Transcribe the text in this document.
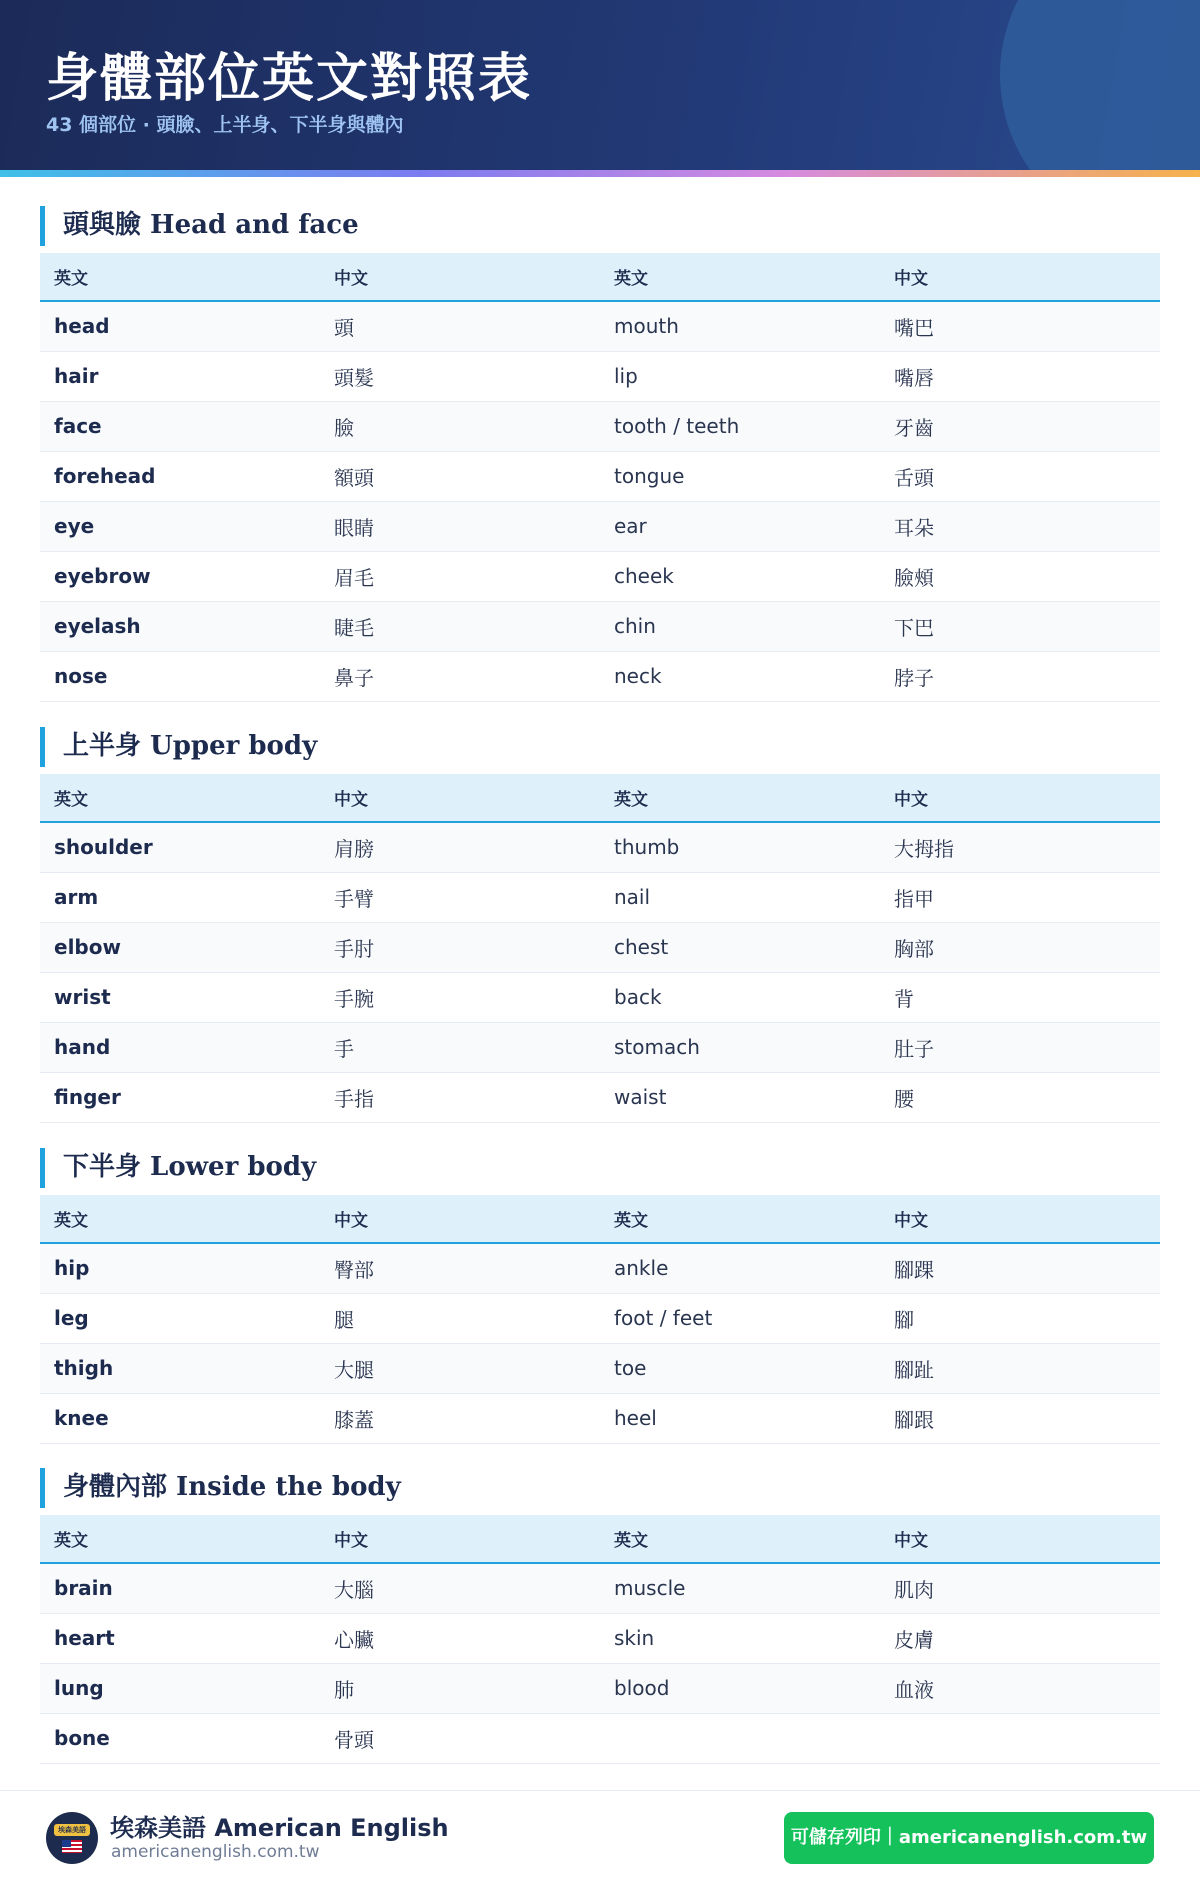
身體部位英文對照表
43 個部位 · 頭臉、上半身、下半身與體內
頭與臉 Head and face
英文	中文	英文	中文
head	頭	mouth	嘴巴
hair	頭髮	lip	嘴唇
face	臉	tooth / teeth	牙齒
forehead	額頭	tongue	舌頭
eye	眼睛	ear	耳朵
eyebrow	眉毛	cheek	臉頰
eyelash	睫毛	chin	下巴
nose	鼻子	neck	脖子
上半身 Upper body
英文	中文	英文	中文
shoulder	肩膀	thumb	大拇指
arm	手臂	nail	指甲
elbow	手肘	chest	胸部
wrist	手腕	back	背
hand	手	stomach	肚子
finger	手指	waist	腰
下半身 Lower body
英文	中文	英文	中文
hip	臀部	ankle	腳踝
leg	腿	foot / feet	腳
thigh	大腿	toe	腳趾
knee	膝蓋	heel	腳跟
身體內部 Inside the body
英文	中文	英文	中文
brain	大腦	muscle	肌肉
heart	心臟	skin	皮膚
lung	肺	blood	血液
bone	骨頭		
埃森美語 埃森美語 American English
americanenglish.com.tw
可儲存列印｜americanenglish.com.tw
